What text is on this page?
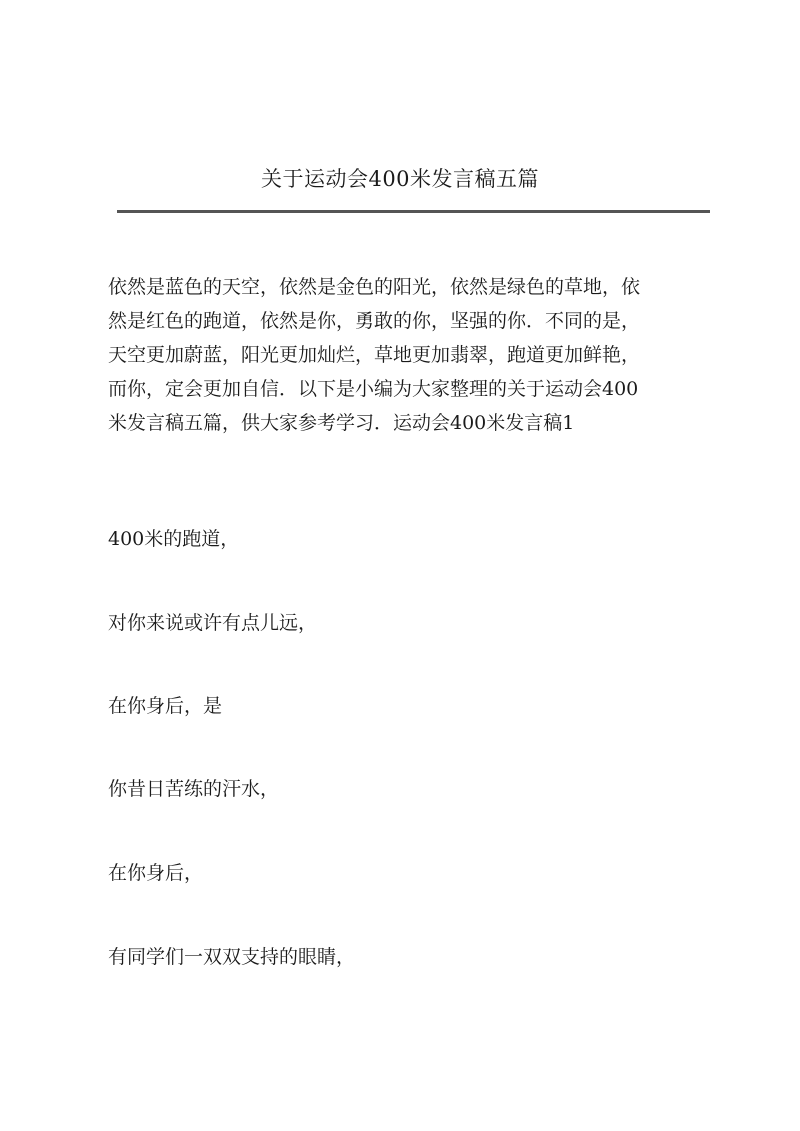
关于运动会400米发言稿五篇

依然是蓝色的天空，依然是金色的阳光，依然是绿色的草地，依
然是红色的跑道，依然是你，勇敢的你，坚强的你．不同的是，
天空更加蔚蓝，阳光更加灿烂，草地更加翡翠，跑道更加鲜艳，
而你，定会更加自信．以下是小编为大家整理的关于运动会400
米发言稿五篇，供大家参考学习．运动会400米发言稿1

400米的跑道，

对你来说或许有点儿远，

在你身后，是

你昔日苦练的汗水，

在你身后，

有同学们一双双支持的眼睛，
